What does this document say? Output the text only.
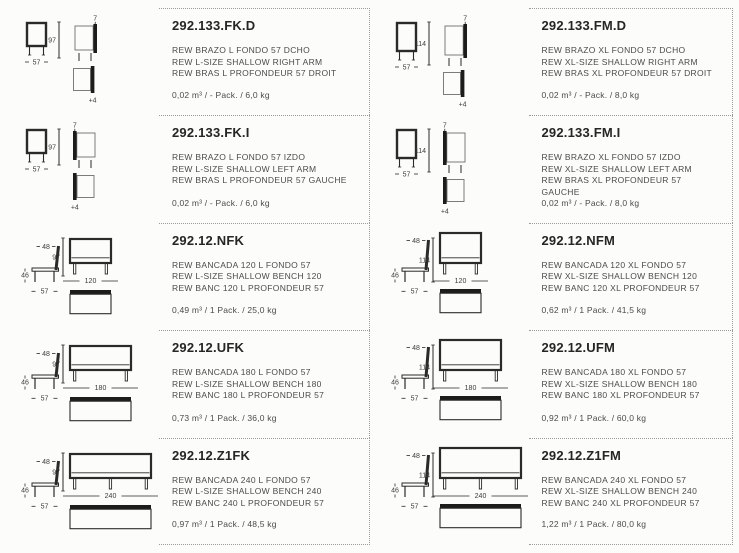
57
97
7
+4
292.133.FK.D
REW BRAZO L FONDO 57 DCHO
REW L-SIZE SHALLOW RIGHT ARM
REW BRAS L PROFONDEUR 57 DROIT
0,02 m³ / - Pack. / 6,0 kg
57
97
7
+4
292.133.FK.I
REW BRAZO L FONDO 57 IZDO
REW L-SIZE SHALLOW LEFT ARM
REW BRAS L PROFONDEUR 57 GAUCHE
0,02 m³ / - Pack. / 6,0 kg
48
46
57
97
120
292.12.NFK
REW BANCADA 120 L FONDO 57
REW L-SIZE SHALLOW BENCH 120
REW BANC 120 L PROFONDEUR 57
0,49 m³ / 1 Pack. / 25,0 kg
48
46
57
97
180
292.12.UFK
REW BANCADA 180 L FONDO 57
REW L-SIZE SHALLOW BENCH 180
REW BANC 180 L PROFONDEUR 57
0,73 m³ / 1 Pack. / 36,0 kg
48
46
57
97
240
292.12.Z1FK
REW BANCADA 240 L FONDO 57
REW L-SIZE SHALLOW BENCH 240
REW BANC 240 L PROFONDEUR 57
0,97 m³ / 1 Pack. / 48,5 kg
57
114
7
+4
292.133.FM.D
REW BRAZO XL FONDO 57 DCHO
REW XL-SIZE SHALLOW RIGHT ARM
REW BRAS XL PROFONDEUR 57 DROIT
0,02 m³ / - Pack. / 8,0 kg
57
114
7
+4
292.133.FM.I
REW BRAZO XL FONDO 57 IZDO
REW XL-SIZE SHALLOW LEFT ARM
REW BRAS XL PROFONDEUR 57 GAUCHE
0,02 m³ / - Pack. / 8,0 kg
48
46
57
114
120
292.12.NFM
REW BANCADA 120 XL FONDO 57
REW XL-SIZE SHALLOW BENCH 120
REW BANC 120 XL PROFONDEUR 57
0,62 m³ / 1 Pack. / 41,5 kg
48
46
57
114
180
292.12.UFM
REW BANCADA 180 XL FONDO 57
REW XL-SIZE SHALLOW BENCH 180
REW BANC 180 XL PROFONDEUR 57
0,92 m³ / 1 Pack. / 60,0 kg
48
46
57
114
240
292.12.Z1FM
REW BANCADA 240 XL FONDO 57
REW XL-SIZE SHALLOW BENCH 240
REW BANC 240 XL PROFONDEUR 57
1,22 m³ / 1 Pack. / 80,0 kg
